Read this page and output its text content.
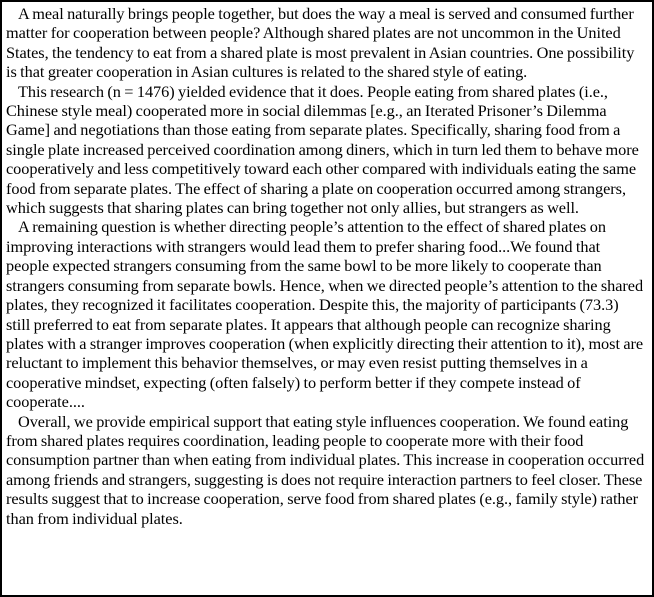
A meal naturally brings people together, but does the way a meal is served and consumed further matter for cooperation between people? Although shared plates are not uncommon in the United States, the tendency to eat from a shared plate is most prevalent in Asian countries. One possibility is that greater cooperation in Asian cultures is related to the shared style of eating.

This research (n = 1476) yielded evidence that it does. People eating from shared plates (i.e., Chinese style meal) cooperated more in social dilemmas [e.g., an Iterated Prisoner’s Dilemma Game] and negotiations than those eating from separate plates. Specifically, sharing food from a single plate increased perceived coordination among diners, which in turn led them to behave more cooperatively and less competitively toward each other compared with individuals eating the same food from separate plates. The effect of sharing a plate on cooperation occurred among strangers, which suggests that sharing plates can bring together not only allies, but strangers as well.

A remaining question is whether directing people’s attention to the effect of shared plates on improving interactions with strangers would lead them to prefer sharing food...We found that people expected strangers consuming from the same bowl to be more likely to cooperate than strangers consuming from separate bowls. Hence, when we directed people’s attention to the shared plates, they recognized it facilitates cooperation. Despite this, the majority of participants (73.3) still preferred to eat from separate plates. It appears that although people can recognize sharing plates with a stranger improves cooperation (when explicitly directing their attention to it), most are reluctant to implement this behavior themselves, or may even resist putting themselves in a cooperative mindset, expecting (often falsely) to perform better if they compete instead of cooperate....

Overall, we provide empirical support that eating style influences cooperation. We found eating from shared plates requires coordination, leading people to cooperate more with their food consumption partner than when eating from individual plates. This increase in cooperation occurred among friends and strangers, suggesting is does not require interaction partners to feel closer. These results suggest that to increase cooperation, serve food from shared plates (e.g., family style) rather than from individual plates.
